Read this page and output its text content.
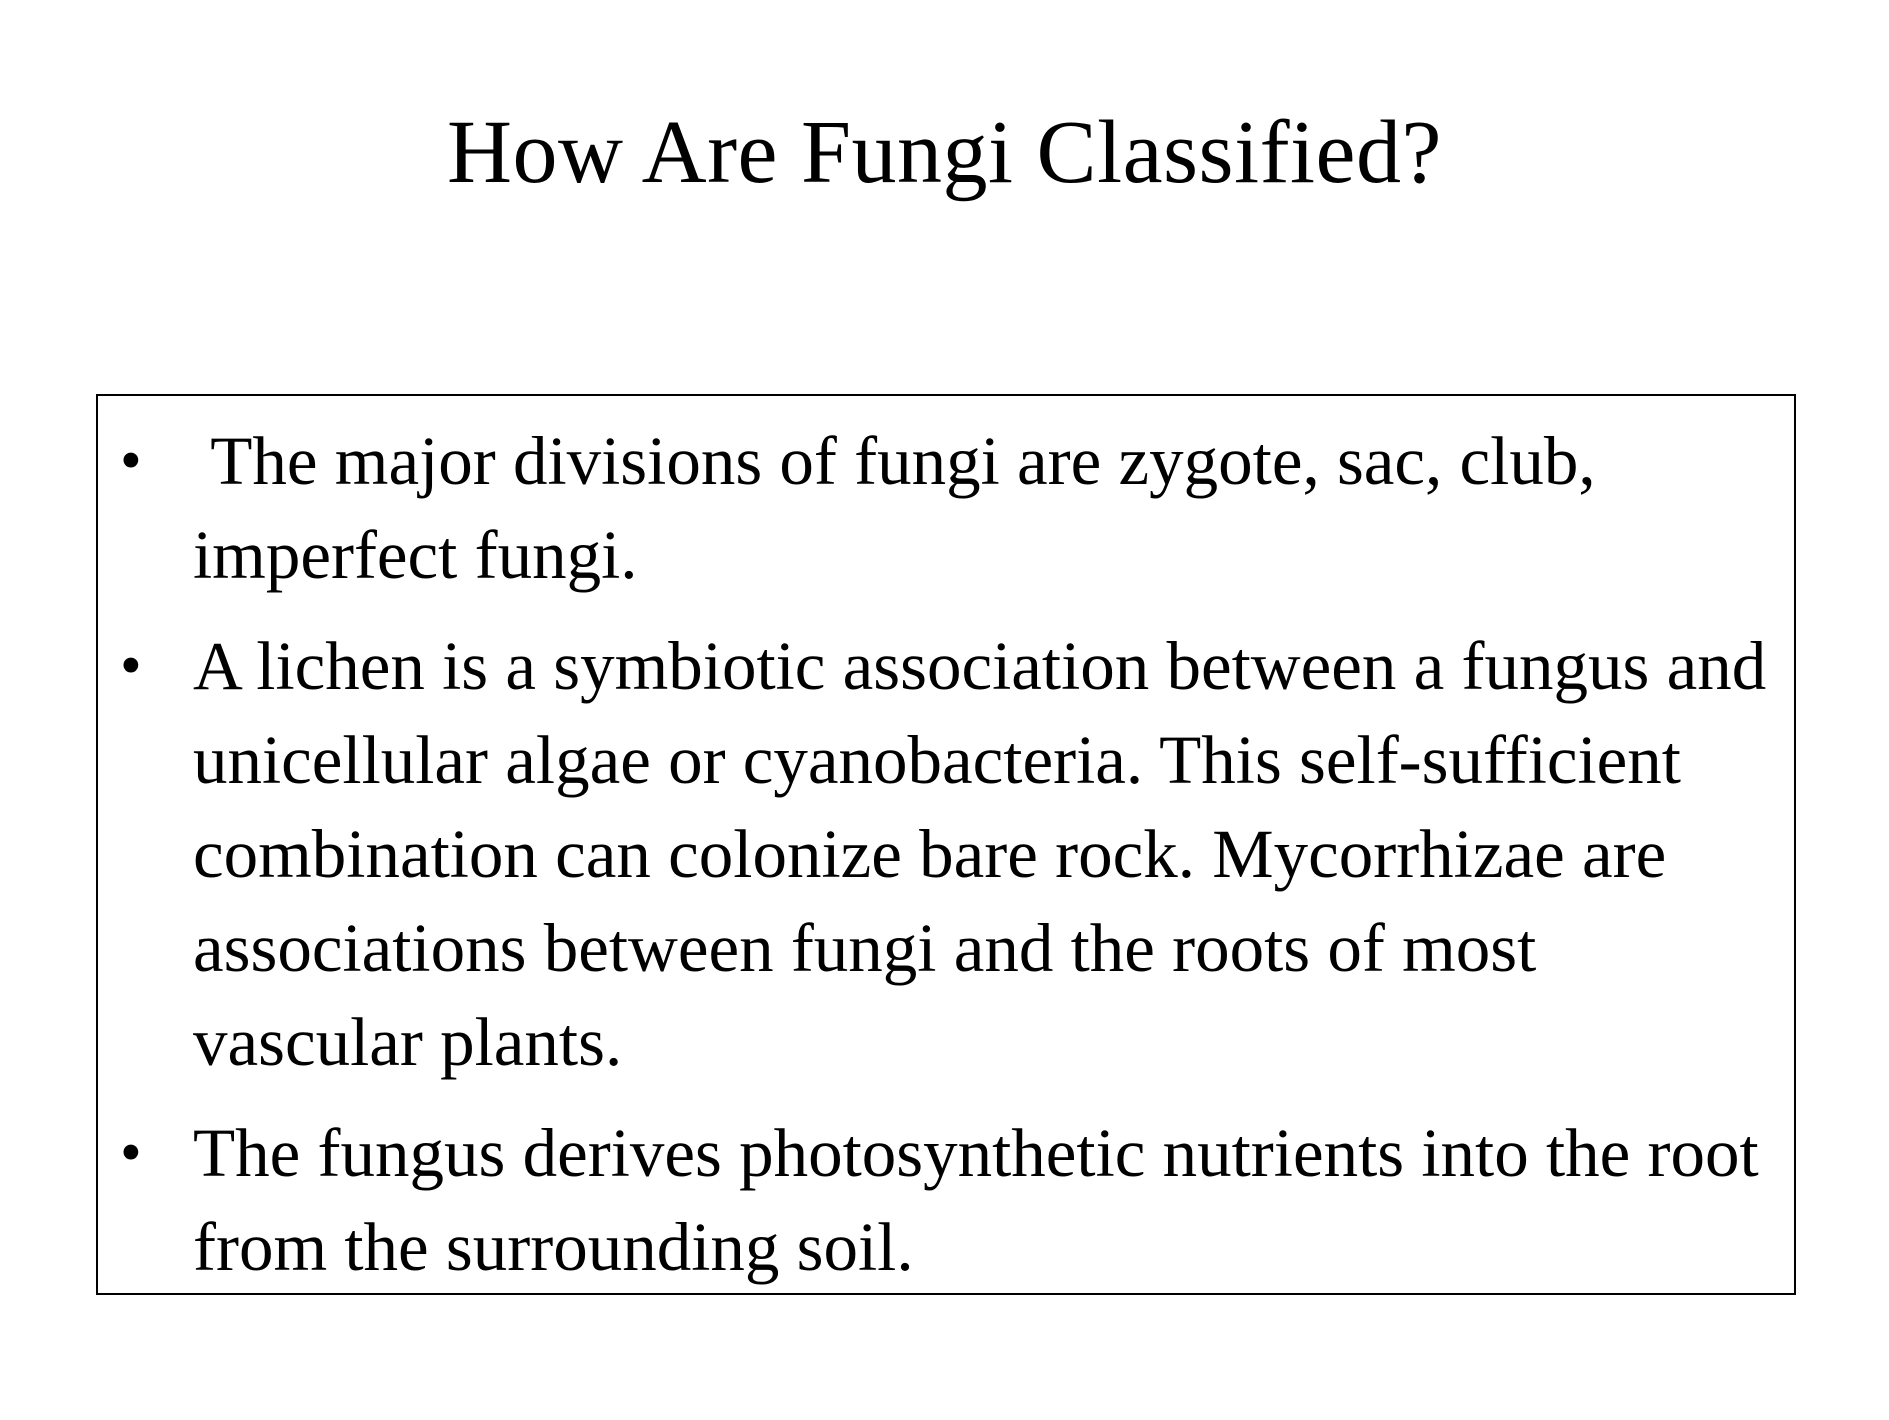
How Are Fungi Classified?
• The major divisions of fungi are zygote, sac, club, imperfect fungi.
• A lichen is a symbiotic association between a fungus and unicellular algae or cyanobacteria. This self-sufficient combination can colonize bare rock. Mycorrhizae are associations between fungi and the roots of most vascular plants.
• The fungus derives photosynthetic nutrients into the root from the surrounding soil.
